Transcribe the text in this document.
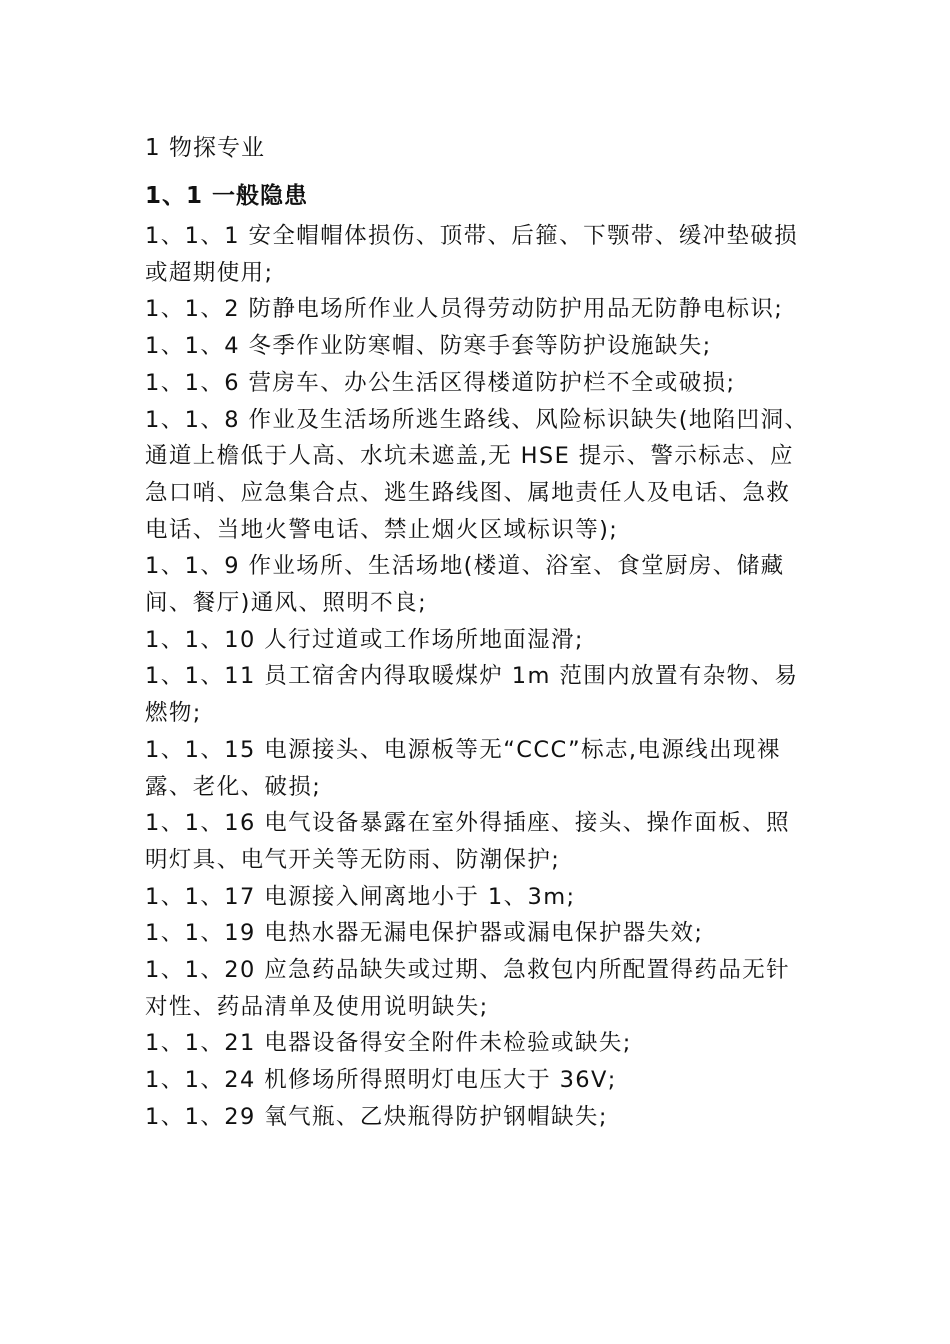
1 物探专业
1、1 一般隐患
1、1、1 安全帽帽体损伤、顶带、后箍、下颚带、缓冲垫破损或超期使用;
1、1、2 防静电场所作业人员得劳动防护用品无防静电标识;
1、1、4 冬季作业防寒帽、防寒手套等防护设施缺失;
1、1、6 营房车、办公生活区得楼道防护栏不全或破损;
1、1、8 作业及生活场所逃生路线、风险标识缺失(地陷凹洞、通道上檐低于人高、水坑未遮盖,无 HSE 提示、警示标志、应急口哨、应急集合点、逃生路线图、属地责任人及电话、急救电话、当地火警电话、禁止烟火区域标识等);
1、1、9 作业场所、生活场地(楼道、浴室、食堂厨房、储藏间、餐厅)通风、照明不良;
1、1、10 人行过道或工作场所地面湿滑;
1、1、11 员工宿舍内得取暖煤炉 1m 范围内放置有杂物、易燃物;
1、1、15 电源接头、电源板等无“CCC”标志,电源线出现裸露、老化、破损;
1、1、16 电气设备暴露在室外得插座、接头、操作面板、照明灯具、电气开关等无防雨、防潮保护;
1、1、17 电源接入闸离地小于 1、3m;
1、1、19 电热水器无漏电保护器或漏电保护器失效;
1、1、20 应急药品缺失或过期、急救包内所配置得药品无针对性、药品清单及使用说明缺失;
1、1、21 电器设备得安全附件未检验或缺失;
1、1、24 机修场所得照明灯电压大于 36V;
1、1、29 氧气瓶、乙炔瓶得防护钢帽缺失;
